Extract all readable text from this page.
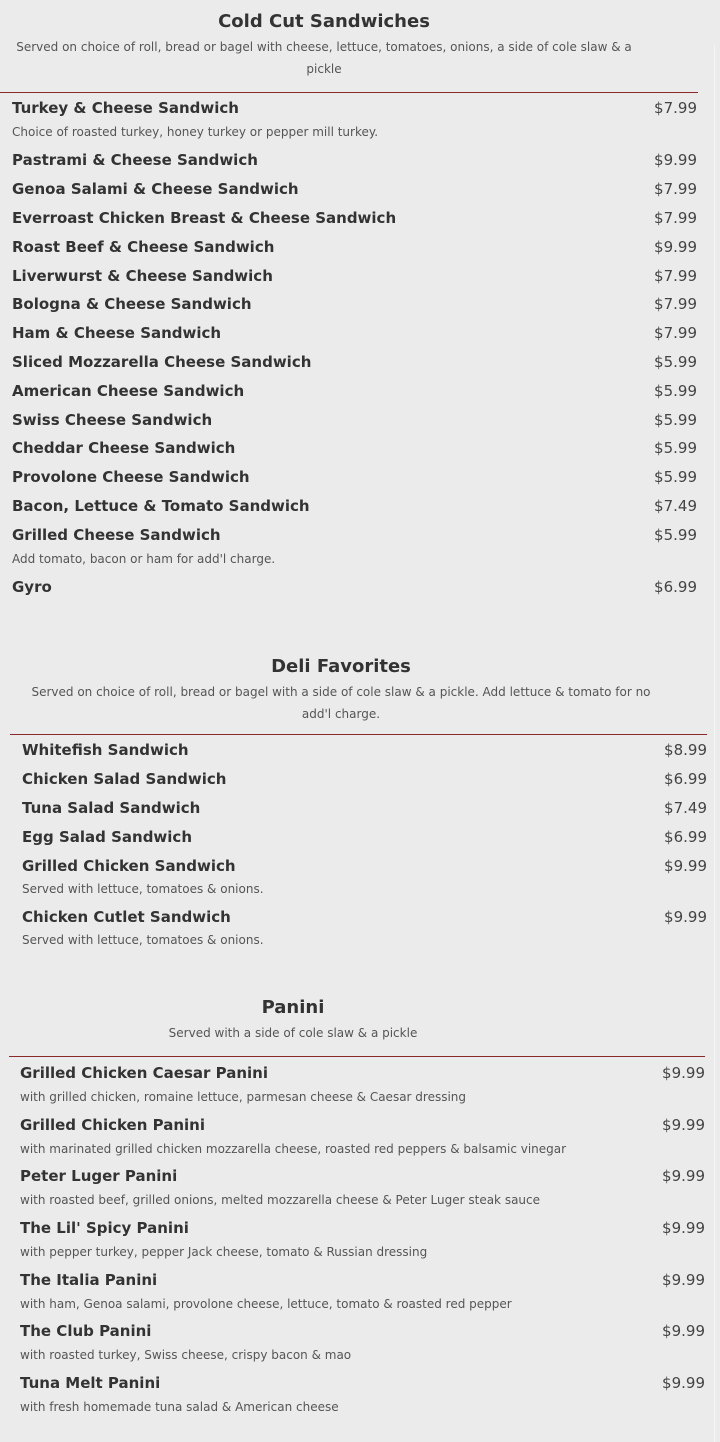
Cold Cut Sandwiches
Served on choice of roll, bread or bagel with cheese, lettuce, tomatoes, onions, a side of cole slaw & a
pickle
Turkey & Cheese Sandwich	$7.99
Choice of roasted turkey, honey turkey or pepper mill turkey.
Pastrami & Cheese Sandwich	$9.99
Genoa Salami & Cheese Sandwich	$7.99
Everroast Chicken Breast & Cheese Sandwich	$7.99
Roast Beef & Cheese Sandwich	$9.99
Liverwurst & Cheese Sandwich	$7.99
Bologna & Cheese Sandwich	$7.99
Ham & Cheese Sandwich	$7.99
Sliced Mozzarella Cheese Sandwich	$5.99
American Cheese Sandwich	$5.99
Swiss Cheese Sandwich	$5.99
Cheddar Cheese Sandwich	$5.99
Provolone Cheese Sandwich	$5.99
Bacon, Lettuce & Tomato Sandwich	$7.49
Grilled Cheese Sandwich	$5.99
Add tomato, bacon or ham for add'l charge.
Gyro	$6.99
Deli Favorites
Served on choice of roll, bread or bagel with a side of cole slaw & a pickle. Add lettuce & tomato for no
add'l charge.
Whitefish Sandwich	$8.99
Chicken Salad Sandwich	$6.99
Tuna Salad Sandwich	$7.49
Egg Salad Sandwich	$6.99
Grilled Chicken Sandwich	$9.99
Served with lettuce, tomatoes & onions.
Chicken Cutlet Sandwich	$9.99
Served with lettuce, tomatoes & onions.
Panini
Served with a side of cole slaw & a pickle
Grilled Chicken Caesar Panini	$9.99
with grilled chicken, romaine lettuce, parmesan cheese & Caesar dressing
Grilled Chicken Panini	$9.99
with marinated grilled chicken mozzarella cheese, roasted red peppers & balsamic vinegar
Peter Luger Panini	$9.99
with roasted beef, grilled onions, melted mozzarella cheese & Peter Luger steak sauce
The Lil' Spicy Panini	$9.99
with pepper turkey, pepper Jack cheese, tomato & Russian dressing
The Italia Panini	$9.99
with ham, Genoa salami, provolone cheese, lettuce, tomato & roasted red pepper
The Club Panini	$9.99
with roasted turkey, Swiss cheese, crispy bacon & mao
Tuna Melt Panini	$9.99
with fresh homemade tuna salad & American cheese
